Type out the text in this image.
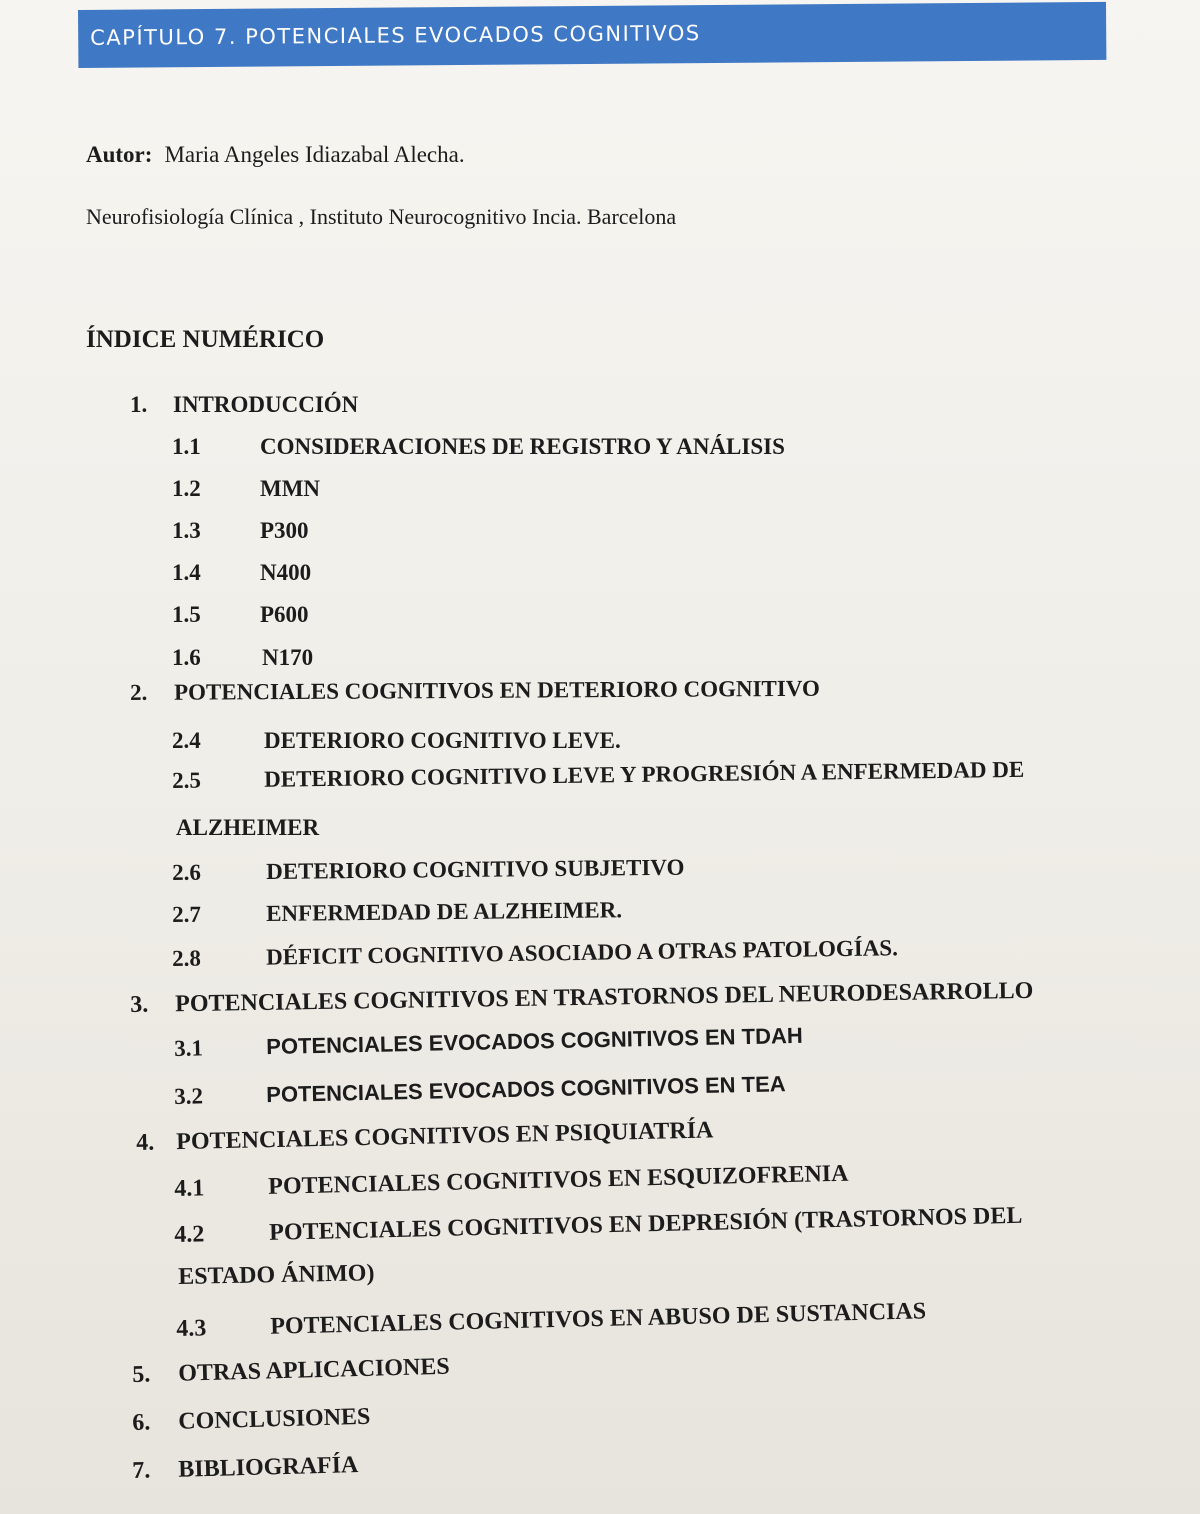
CAPÍTULO 7. POTENCIALES EVOCADOS COGNITIVOS
Autor: Maria Angeles Idiazabal Alecha.
Neurofisiología Clínica , Instituto Neurocognitivo Incia. Barcelona
ÍNDICE NUMÉRICO
1. INTRODUCCIÓN
1.1	CONSIDERACIONES DE REGISTRO Y ANÁLISIS
1.2	MMN
1.3	P300
1.4	N400
1.5	P600
1.6	N170
2. POTENCIALES COGNITIVOS EN DETERIORO COGNITIVO
2.4	DETERIORO COGNITIVO LEVE.
2.5	DETERIORO COGNITIVO LEVE Y PROGRESIÓN A ENFERMEDAD DE
ALZHEIMER
2.6	DETERIORO COGNITIVO SUBJETIVO
2.7	ENFERMEDAD DE ALZHEIMER.
2.8	DÉFICIT COGNITIVO ASOCIADO A OTRAS PATOLOGÍAS.
3. POTENCIALES COGNITIVOS EN TRASTORNOS DEL NEURODESARROLLO
3.1	POTENCIALES EVOCADOS COGNITIVOS EN TDAH
3.2	POTENCIALES EVOCADOS COGNITIVOS EN TEA
4. POTENCIALES COGNITIVOS EN PSIQUIATRÍA
4.1	POTENCIALES COGNITIVOS EN ESQUIZOFRENIA
4.2	POTENCIALES COGNITIVOS EN DEPRESIÓN (TRASTORNOS DEL
ESTADO ÁNIMO)
4.3	POTENCIALES COGNITIVOS EN ABUSO DE SUSTANCIAS
5. OTRAS APLICACIONES
6. CONCLUSIONES
7. BIBLIOGRAFÍA
